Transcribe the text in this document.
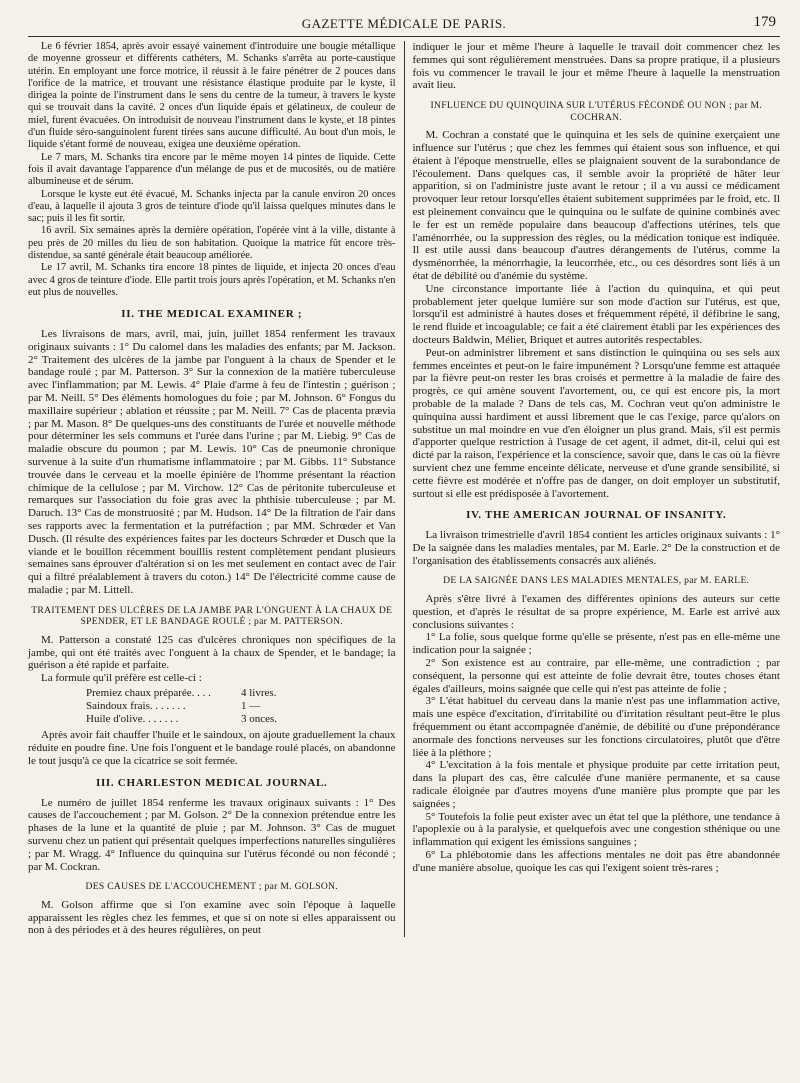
GAZETTE MÉDICALE DE PARIS.	179

Le 6 février 1854, après avoir essayé vainement d'introduire une bougie métallique de moyenne grosseur et différents cathéters, M. Schanks s'arrêta au porte-caustique utérin. En employant une force motrice, il réussit à le faire pénétrer de 2 pouces dans l'orifice de la matrice, et trouvant une résistance élastique produite par le kyste, il dirigea la pointe de l'instrument dans le sens du centre de la tumeur, à travers le kyste qui se trouvait dans la cavité. 2 onces d'un liquide épais et gélatineux, de couleur de miel, furent évacuées. On introduisit de nouveau l'instrument dans le kyste, et 18 pintes d'un fluide séro-sanguinolent furent tirées sans aucune difficulté. Au bout d'un mois, le liquide s'étant formé de nouveau, exigea une deuxième opération.

Le 7 mars, M. Schanks tira encore par le même moyen 14 pintes de liquide. Cette fois il avait davantage l'apparence d'un mélange de pus et de mucosités, ou de matière albumineuse et de sérum.

Lorsque le kyste eut été évacué, M. Schanks injecta par la canule environ 20 onces d'eau, à laquelle il ajouta 3 gros de teinture d'iode qu'il laissa quelques minutes dans le sac; puis il les fit sortir.

16 avril. Six semaines après la dernière opération, l'opérée vint à la ville, distante à peu près de 20 milles du lieu de son habitation. Quoique la matrice fût encore très-distendue, sa santé générale était beaucoup améliorée.

Le 17 avril, M. Schanks tira encore 18 pintes de liquide, et injecta 20 onces d'eau avec 4 gros de teinture d'iode. Elle partit trois jours après l'opération, et M. Schanks n'en eut plus de nouvelles.

II. THE MEDICAL EXAMINER ;

Les livraisons de mars, avril, mai, juin, juillet 1854 renferment les travaux originaux suivants : 1° Du calomel dans les maladies des enfants; par M. Jackson. 2° Traitement des ulcères de la jambe par l'onguent à la chaux de Spender et le bandage roulé ; par M. Patterson. 3° Sur la connexion de la matière tuberculeuse avec l'inflammation; par M. Lewis. 4° Plaie d'arme à feu de l'intestin ; guérison ; par M. Neill. 5° Des éléments homologues du foie ; par M. Johnson. 6° Fongus du maxillaire supérieur ; ablation et réussite ; par M. Neill. 7° Cas de placenta prævia ; par M. Mason. 8° De quelques-uns des constituants de l'urée et nouvelle méthode pour déterminer les sels communs et l'urée dans l'urine ; par M. Liebig. 9° Cas de maladie obscure du poumon ; par M. Lewis. 10° Cas de pneumonie chronique survenue à la suite d'un rhumatisme inflammatoire ; par M. Gibbs. 11° Substance trouvée dans le cerveau et la moelle épinière de l'homme présentant la réaction chimique de la cellulose ; par M. Virchow. 12° Cas de péritonite tuberculeuse et remarques sur l'association du foie gras avec la phthisie tuberculeuse ; par M. Daruch. 13° Cas de monstruosité ; par M. Hudson. 14° De la filtration de l'air dans ses rapports avec la fermentation et la putréfaction ; par MM. Schrœder et Van Dusch. (Il résulte des expériences faites par les docteurs Schrœder et Dusch que la viande et le bouillon récemment bouillis restent complètement pendant plusieurs semaines sans éprouver d'altération si on les met seulement en contact avec de l'air qui a filtré préalablement à travers du coton.) 14° De l'électricité comme cause de maladie ; par M. Littell.

TRAITEMENT DES ULCÈRES DE LA JAMBE PAR L'ONGUENT À LA CHAUX DE
SPENDER, ET LE BANDAGE ROULÉ ; par M. PATTERSON.

M. Patterson a constaté 125 cas d'ulcères chroniques non spécifiques de la jambe, qui ont été traités avec l'onguent à la chaux de Spender, et le bandage; la guérison a été rapide et parfaite.

La formule qu'il préfère est celle-ci :

Premiez chaux préparée. . . .	4 livres.
Saindoux frais. . . . . . .	1 —
Huile d'olive. . . . . . .	3 onces.

Après avoir fait chauffer l'huile et le saindoux, on ajoute graduellement la chaux réduite en poudre fine. Une fois l'onguent et le bandage roulé placés, on abandonne le tout jusqu'à ce que la cicatrice se soit fermée.

III. CHARLESTON MEDICAL JOURNAL.

Le numéro de juillet 1854 renferme les travaux originaux suivants : 1° Des causes de l'accouchement ; par M. Golson. 2° De la connexion prétendue entre les phases de la lune et la quantité de pluie ; par M. Johnson. 3° Cas de muguet survenu chez un patient qui présentait quelques imperfections naturelles singulières ; par M. Wragg. 4° Influence du quinquina sur l'utérus fécondé ou non fécondé ; par M. Cockran.

DES CAUSES DE L'ACCOUCHEMENT ; par M. GOLSON.

M. Golson affirme que si l'on examine avec soin l'époque à laquelle apparaissent les règles chez les femmes, et que si on note si elles apparaissent ou non à des périodes et à des heures régulières, on peut

indiquer le jour et même l'heure à laquelle le travail doit commencer chez les femmes qui sont régulièrement menstruées. Dans sa propre pratique, il a plusieurs fois vu commencer le travail le jour et même l'heure à laquelle la menstruation avait lieu.

INFLUENCE DU QUINQUINA SUR L'UTÉRUS FÉCONDÉ OU NON ; par M. COCHRAN.

M. Cochran a constaté que le quinquina et les sels de quinine exerçaient une influence sur l'utérus ; que chez les femmes qui étaient sous son influence, et qui étaient à l'époque menstruelle, elles se plaignaient souvent de la surabondance de l'écoulement. Dans quelques cas, il semble avoir la propriété de hâter leur apparition, si on l'administre juste avant le retour ; il a vu aussi ce médicament provoquer leur retour lorsqu'elles étaient subitement supprimées par le froid, etc. Il est pleinement convaincu que le quinquina ou le sulfate de quinine combinés avec le fer est un remède populaire dans beaucoup d'affections utérines, tels que l'aménorrhée, ou la suppression des règles, ou la médication tonique est indiquée. Il est utile aussi dans beaucoup d'autres dérangements de l'utérus, comme la dysménorrhée, la ménorrhagie, la leucorrhée, etc., ou ces désordres sont liés à un état de débilité ou d'anémie du système.

Une circonstance importante liée à l'action du quinquina, et qui peut probablement jeter quelque lumière sur son mode d'action sur l'utérus, est que, lorsqu'il est administré à hautes doses et fréquemment répété, il défibrine le sang, le rend fluide et incoagulable; ce fait a été clairement établi par les expériences des docteurs Baldwin, Mélier, Briquet et autres autorités respectables.

Peut-on administrer librement et sans distinction le quinquina ou ses sels aux femmes enceintes et peut-on le faire impunément ? Lorsqu'une femme est attaquée par la fièvre peut-on rester les bras croisés et permettre à la maladie de faire des progrès, ce qui amène souvent l'avortement, ou, ce qui est encore pis, la mort probable de la malade ? Dans de tels cas, M. Cochran veut qu'on administre le quinquina aussi hardiment et aussi librement que le cas l'exige, parce qu'alors on substitue un mal moindre en vue d'en éloigner un plus grand. Mais, s'il est permis d'apporter quelque restriction à l'usage de cet agent, il admet, dit-il, celui qui est dicté par la raison, l'expérience et la conscience, savoir que, dans le cas où la fièvre survient chez une femme enceinte délicate, nerveuse et d'une grande sensibilité, si cette fièvre est modérée et n'offre pas de danger, on doit employer un substitutif, surtout si elle est prédisposée à l'avortement.

IV. THE AMERICAN JOURNAL OF INSANITY.

La livraison trimestrielle d'avril 1854 contient les articles originaux suivants : 1° De la saignée dans les maladies mentales, par M. Earle. 2° De la construction et de l'organisation des établissements consacrés aux aliénés.

DE LA SAIGNÉE DANS LES MALADIES MENTALES, par M. EARLE.

Après s'être livré à l'examen des différentes opinions des auteurs sur cette question, et d'après le résultat de sa propre expérience, M. Earle est arrivé aux conclusions suivantes :

1° La folie, sous quelque forme qu'elle se présente, n'est pas en elle-même une indication pour la saignée ;

2° Son existence est au contraire, par elle-même, une contradiction ; par conséquent, la personne qui est atteinte de folie devrait être, toutes choses étant égales d'ailleurs, moins saignée que celle qui n'est pas atteinte de folie ;

3° L'état habituel du cerveau dans la manie n'est pas une inflammation active, mais une espèce d'excitation, d'irritabilité ou d'irritation résultant peut-être le plus fréquemment ou étant accompagnée d'anémie, de débilité ou d'une prépondérance anormale des fonctions nerveuses sur les fonctions circulatoires, plutôt que d'être liée à la pléthore ;

4° L'excitation à la fois mentale et physique produite par cette irritation peut, dans la plupart des cas, être calculée d'une manière permanente, et sa cause radicale éloignée par d'autres moyens d'une manière plus prompte que par les saignées ;

5° Toutefois la folie peut exister avec un état tel que la pléthore, une tendance à l'apoplexie ou à la paralysie, et quelquefois avec une congestion sthénique ou une inflammation qui exigent les émissions sanguines ;

6° La phlébotomie dans les affections mentales ne doit pas être abandonnée d'une manière absolue, quoique les cas qui l'exigent soient très-rares ;
